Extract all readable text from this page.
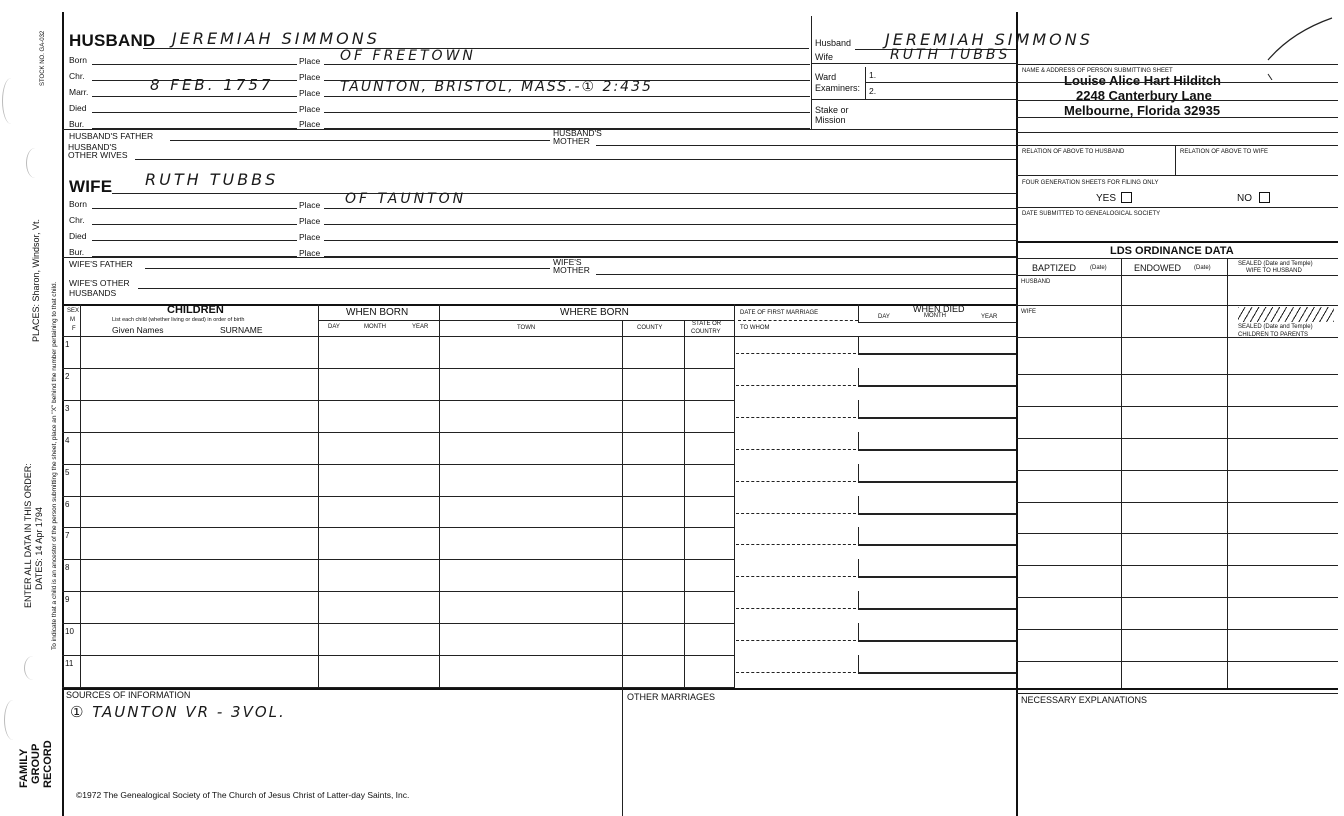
STOCK NO. GA-032
PLACES: Sharon, Windsor, Vt.
To indicate that a child is an ancestor of the person submitting the sheet, place an "X" behind the number pertaining to that child.
ENTER ALL DATA IN THIS ORDER: DATES: 14 Apr 1794
FAMILY GROUP RECORD
HUSBAND JEREMIAH SIMMONS
Born	Place OF FREETOWN
Chr.	Place
Marr.	8 FEB. 1757	Place TAUNTON, BRISTOL, MASS.-① 2:435
Died	Place
Bur.	Place
HUSBAND'S FATHER	HUSBAND'S
MOTHER
HUSBAND'S
OTHER WIVES
WIFE RUTH TUBBS
Born	Place OF TAUNTON
Chr.	Place
Died	Place
Bur.	Place
WIFE'S FATHER	WIFE'S
MOTHER
WIFE'S OTHER
HUSBANDS
Husband JEREMIAH SIMMONS
Wife	RUTH TUBBS
Ward
Examiners:
1.
2.
Stake or
Mission
NAME & ADDRESS OF PERSON SUBMITTING SHEET
Louise Alice Hart Hilditch
2248 Canterbury Lane
Melbourne, Florida 32935
RELATION OF ABOVE TO HUSBAND	RELATION OF ABOVE TO WIFE
FOUR GENERATION SHEETS FOR FILING ONLY
YES	NO
DATE SUBMITTED TO GENEALOGICAL SOCIETY
LDS ORDINANCE DATA
BAPTIZED (Date)	ENDOWED (Date)
SEALED (Date and Temple)
WIFE TO HUSBAND
HUSBAND
WIFE
SEALED (Date and Temple)
CHILDREN TO PARENTS
SEX
M
F
CHILDREN
List each child (whether living or dead) in order of birth
Given Names	SURNAME
WHEN BORN
DAY	MONTH	YEAR
WHERE BORN
TOWN	COUNTY
STATE OR
COUNTRY
DATE OF FIRST MARRIAGE
TO WHOM
WHEN DIED
DAY	MONTH	YEAR
1
2
3
4
5
6
7
8
9
10
11
SOURCES OF INFORMATION
① TAUNTON VR - 3VOL.
OTHER MARRIAGES	NECESSARY EXPLANATIONS
©1972 The Genealogical Society of The Church of Jesus Christ of Latter-day Saints, Inc.
